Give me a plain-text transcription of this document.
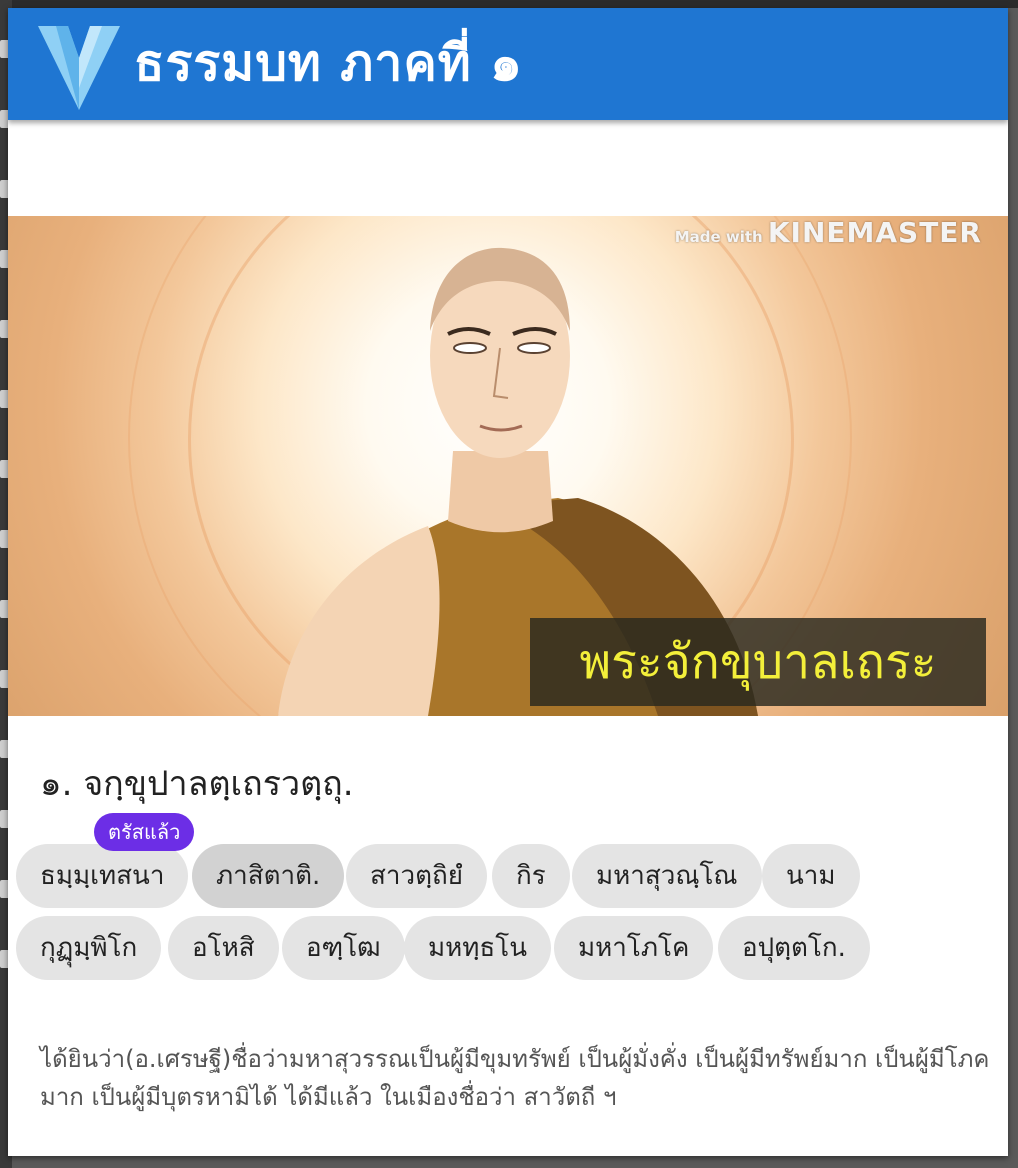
ธรรมบท ภาคที่ ๑
Made with KINEMASTER
พระจักขุบาลเถระ
๑. จกฺขุปาลตฺเถรวตฺถุ.
ตรัสแล้ว
ธมฺมฺเทสนา	ภาสิตาติ.	สาวตฺถิยํ	กิร	มหาสุวณฺโณ	นาม
กุฏุมฺพิโก	อโหสิ	อฑฺโฒ	มหทฺธโน	มหาโภโค	อปุตฺตโก.
ได้ยินว่า(อ.เศรษฐี)ชื่อว่ามหาสุวรรณเป็นผู้มีขุมทรัพย์ เป็นผู้มั่งคั่ง เป็นผู้มีทรัพย์มาก เป็นผู้มีโภคมาก เป็นผู้มีบุตรหามิได้ ได้มีแล้ว ในเมืองชื่อว่า สาวัตถี ฯ
